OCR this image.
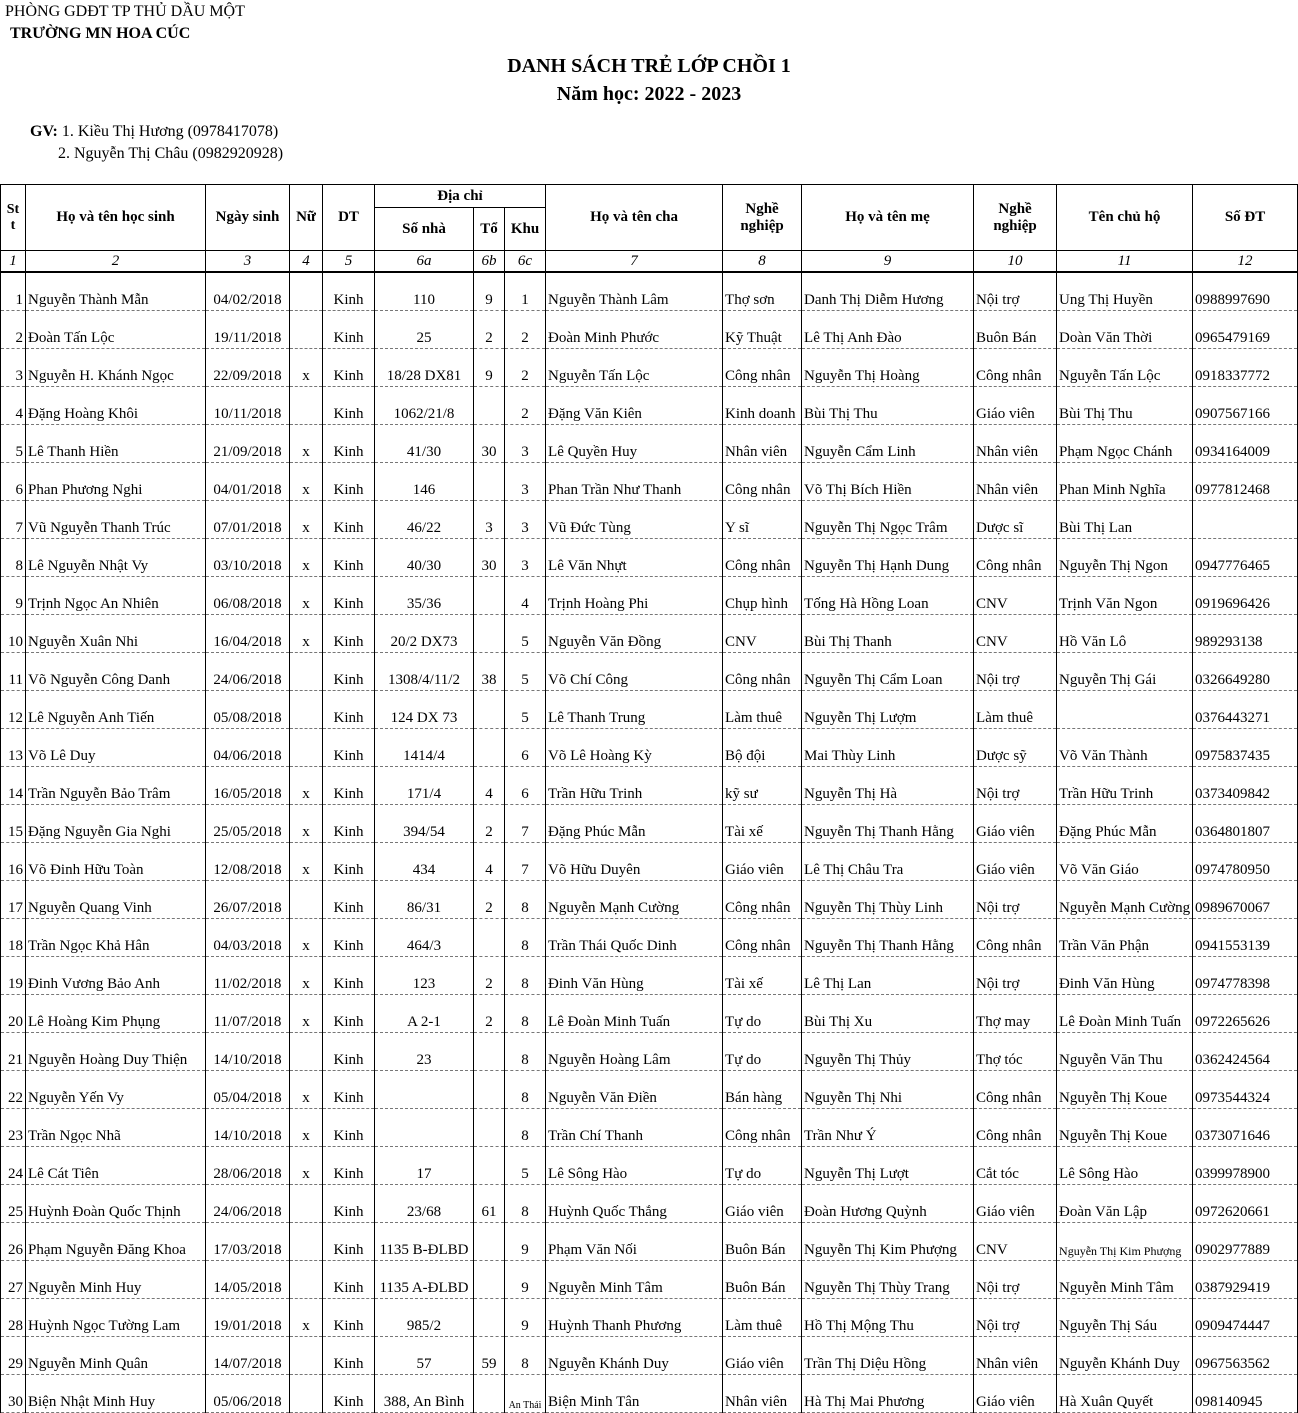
PHÒNG GDĐT TP THỦ DẦU MỘT
TRƯỜNG MN HOA CÚC
DANH SÁCH TRẺ LỚP CHỒI 1
Năm học: 2022 - 2023
GV: 1. Kiều Thị Hương (0978417078)
2. Nguyễn Thị Châu (0982920928)
St t	Họ và tên học sinh	Ngày sinh	Nữ	DT	Địa chỉ			Họ và tên cha	Nghề nghiệp	Họ và tên mẹ	Nghề nghiệp	Tên chủ hộ	Số ĐT
					Số nhà	Tổ	Khu						
1	2	3	4	5	6a	6b	6c	7	8	9	10	11	12
1	Nguyễn Thành Mẫn	04/02/2018		Kinh	110	9	1	Nguyễn Thành Lâm	Thợ sơn	Danh Thị Diễm Hương	Nội trợ	Ung Thị Huyền	0988997690
2	Đoàn Tấn Lộc	19/11/2018		Kinh	25	2	2	Đoàn Minh Phước	Kỹ Thuật	Lê Thị Anh Đào	Buôn Bán	Doàn Văn Thời	0965479169
3	Nguyễn H. Khánh Ngọc	22/09/2018	x	Kinh	18/28 DX81	9	2	Nguyễn Tấn Lộc	Công nhân	Nguyễn Thị Hoàng	Công nhân	Nguyễn Tấn Lộc	0918337772
4	Đặng Hoàng Khôi	10/11/2018		Kinh	1062/21/8		2	Đặng Văn Kiên	Kinh doanh	Bùi Thị Thu	Giáo viên	Bùi Thị Thu	0907567166
5	Lê Thanh Hiền	21/09/2018	x	Kinh	41/30	30	3	Lê Quyền Huy	Nhân viên	Nguyễn Cẩm Linh	Nhân viên	Phạm Ngọc Chánh	0934164009
6	Phan Phương Nghi	04/01/2018	x	Kinh	146		3	Phan Trần Như Thanh	Công nhân	Võ Thị Bích Hiền	Nhân viên	Phan Minh Nghĩa	0977812468
7	Vũ Nguyễn Thanh Trúc	07/01/2018	x	Kinh	46/22	3	3	Vũ Đức Tùng	Y sĩ	Nguyễn Thị Ngọc Trâm	Dược sĩ	Bùi Thị Lan	
8	Lê Nguyễn Nhật Vy	03/10/2018	x	Kinh	40/30	30	3	Lê Văn Nhựt	Công nhân	Nguyễn Thị Hạnh Dung	Công nhân	Nguyễn Thị Ngon	0947776465
9	Trịnh Ngọc An Nhiên	06/08/2018	x	Kinh	35/36		4	Trịnh Hoàng Phi	Chụp hình	Tống Hà Hồng Loan	CNV	Trịnh Văn Ngon	0919696426
10	Nguyễn Xuân Nhi	16/04/2018	x	Kinh	20/2 DX73		5	Nguyễn Văn Đồng	CNV	Bùi Thị Thanh	CNV	Hồ Văn Lô	989293138
11	Võ Nguyễn Công Danh	24/06/2018		Kinh	1308/4/11/2	38	5	Võ Chí Công	Công nhân	Nguyễn Thị Cẩm Loan	Nội trợ	Nguyễn Thị Gái	0326649280
12	Lê Nguyễn Anh Tiến	05/08/2018		Kinh	124 DX 73		5	Lê Thanh Trung	Làm thuê	Nguyễn Thị Lượm	Làm thuê		0376443271
13	Võ Lê Duy	04/06/2018		Kinh	1414/4		6	Võ Lê Hoàng Kỳ	Bộ đội	Mai Thùy Linh	Dược sỹ	Võ Văn Thành	0975837435
14	Trần Nguyễn Bảo Trâm	16/05/2018	x	Kinh	171/4	4	6	Trần Hữu Trinh	kỹ sư	Nguyễn Thị Hà	Nội trợ	Trần Hữu Trinh	0373409842
15	Đặng Nguyễn Gia Nghi	25/05/2018	x	Kinh	394/54	2	7	Đặng Phúc Mẫn	Tài xế	Nguyễn Thị Thanh Hằng	Giáo viên	Đặng Phúc Mẫn	0364801807
16	Võ Đinh Hữu Toàn	12/08/2018	x	Kinh	434	4	7	Võ Hữu Duyên	Giáo viên	Lê Thị Châu Tra	Giáo viên	Võ Văn Giáo	0974780950
17	Nguyễn Quang Vinh	26/07/2018		Kinh	86/31	2	8	Nguyễn Mạnh Cường	Công nhân	Nguyễn Thị Thùy Linh	Nội trợ	Nguyễn Mạnh Cường	0989670067
18	Trần Ngọc Khả Hân	04/03/2018	x	Kinh	464/3		8	Trần Thái Quốc Dinh	Công nhân	Nguyễn Thị Thanh Hằng	Công nhân	Trần Văn Phận	0941553139
19	Đinh Vương Bảo Anh	11/02/2018	x	Kinh	123	2	8	Đinh Văn Hùng	Tài xế	Lê Thị Lan	Nội trợ	Đinh Văn Hùng	0974778398
20	Lê Hoàng Kim Phụng	11/07/2018	x	Kinh	A 2-1	2	8	Lê Đoàn Minh Tuấn	Tự do	Bùi Thị Xu	Thợ may	Lê Đoàn Minh Tuấn	0972265626
21	Nguyễn Hoàng Duy Thiện	14/10/2018		Kinh	23		8	Nguyễn Hoàng Lâm	Tự do	Nguyễn Thị Thủy	Thợ tóc	Nguyễn Văn Thu	0362424564
22	Nguyễn Yến Vy	05/04/2018	x	Kinh			8	Nguyễn Văn Điền	Bán hàng	Nguyễn Thị Nhi	Công nhân	Nguyễn Thị Koue	0973544324
23	Trần Ngọc Nhã	14/10/2018	x	Kinh			8	Trần Chí Thanh	Công nhân	Trần Như Ý	Công nhân	Nguyễn Thị Koue	0373071646
24	Lê Cát Tiên	28/06/2018	x	Kinh	17		5	Lê Sông Hào	Tự do	Nguyễn Thị Lượt	Cắt tóc	Lê Sông Hào	0399978900
25	Huỳnh Đoàn Quốc Thịnh	24/06/2018		Kinh	23/68	61	8	Huỳnh Quốc Thắng	Giáo viên	Đoàn Hương Quỳnh	Giáo viên	Đoàn Văn Lập	0972620661
26	Phạm Nguyễn Đăng Khoa	17/03/2018		Kinh	1135 B-ĐLBD		9	Phạm Văn Nối	Buôn Bán	Nguyễn Thị Kim Phượng	CNV	Nguyễn Thị Kim Phượng	0902977889
27	Nguyễn Minh Huy	14/05/2018		Kinh	1135 A-ĐLBD		9	Nguyễn Minh Tâm	Buôn Bán	Nguyễn Thị Thùy Trang	Nội trợ	Nguyễn Minh Tâm	0387929419
28	Huỳnh Ngọc Tường Lam	19/01/2018	x	Kinh	985/2		9	Huỳnh Thanh Phương	Làm thuê	Hồ Thị Mộng Thu	Nội trợ	Nguyễn Thị Sáu	0909474447
29	Nguyễn Minh Quân	14/07/2018		Kinh	57	59	8	Nguyễn Khánh Duy	Giáo viên	Trần Thị Diệu Hồng	Nhân viên	Nguyễn Khánh Duy	0967563562
30	Biện Nhật Minh Huy	05/06/2018		Kinh	388, An Bình		An Thái	Biện Minh Tân	Nhân viên	Hà Thị Mai Phương	Giáo viên	Hà Xuân Quyết	098140945
